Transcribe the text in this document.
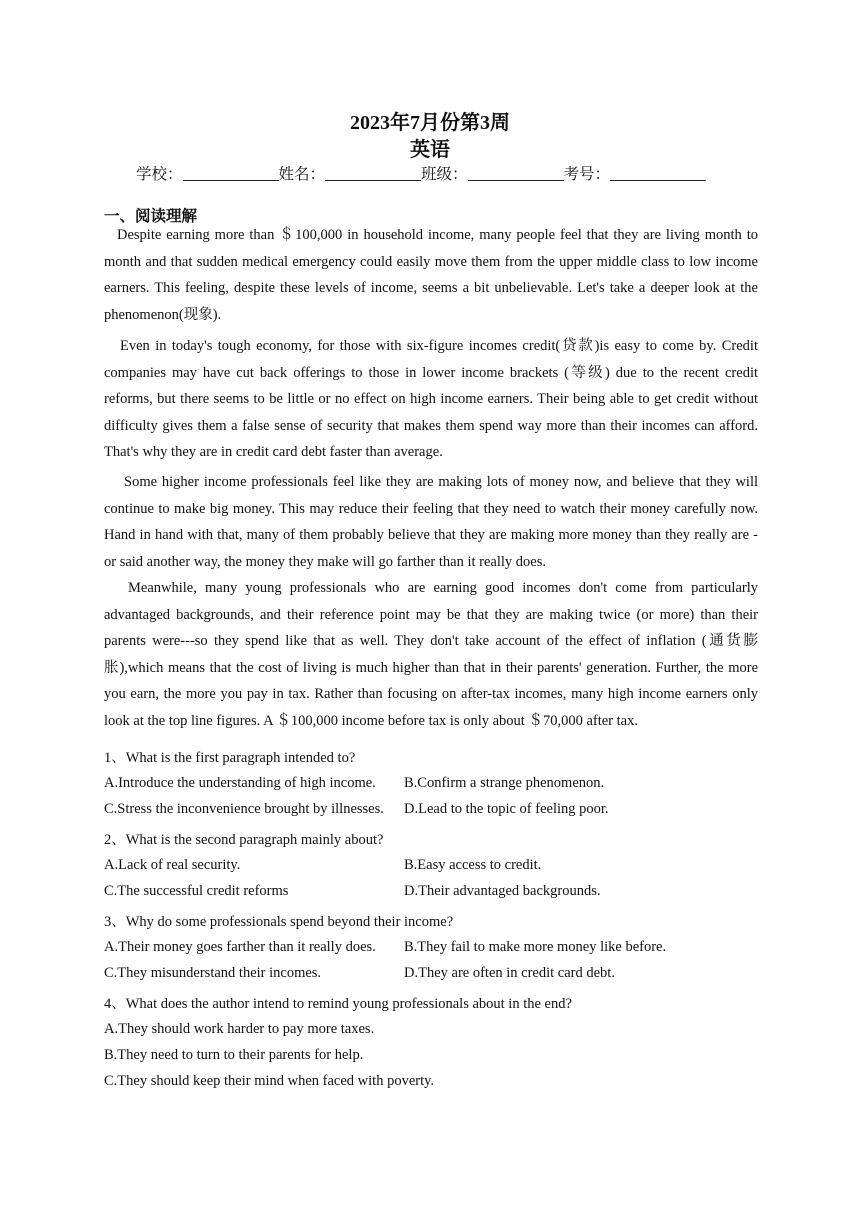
2023年7月份第3周
英语
学校：	姓名：	班级：	考号：
一、阅读理解

Despite earning more than ＄100,000 in household income, many people feel that they are living month to month and that sudden medical emergency could easily move them from the upper middle class to low income earners. This feeling, despite these levels of income, seems a bit unbelievable. Let's take a deeper look at the phenomenon(现象).

Even in today's tough economy, for those with six-figure incomes credit(贷款)is easy to come by. Credit companies may have cut back offerings to those in lower income brackets (等级) due to the recent credit reforms, but there seems to be little or no effect on high income earners. Their being able to get credit without difficulty gives them a false sense of security that makes them spend way more than their incomes can afford. That's why they are in credit card debt faster than average.

Some higher income professionals feel like they are making lots of money now, and believe that they will continue to make big money. This may reduce their feeling that they need to watch their money carefully now. Hand in hand with that, many of them probably believe that they are making more money than they really are - or said another way, the money they make will go farther than it really does.

Meanwhile, many young professionals who are earning good incomes don't come from particularly advantaged backgrounds, and their reference point may be that they are making twice (or more) than their parents were---so they spend like that as well. They don't take account of the effect of inflation (通货膨胀),which means that the cost of living is much higher than that in their parents' generation. Further, the more you earn, the more you pay in tax. Rather than focusing on after-tax incomes, many high income earners only look at the top line figures. A ＄100,000 income before tax is only about ＄70,000 after tax.

1、What is the first paragraph intended to?
A.Introduce the understanding of high income. B.Confirm a strange phenomenon.
C.Stress the inconvenience brought by illnesses. D.Lead to the topic of feeling poor.
2、What is the second paragraph mainly about?
A.Lack of real security.	B.Easy access to credit.
C.The successful credit reforms	D.Their advantaged backgrounds.
3、Why do some professionals spend beyond their income?
A.Their money goes farther than it really does. B.They fail to make more money like before.
C.They misunderstand their incomes.	D.They are often in credit card debt.
4、What does the author intend to remind young professionals about in the end?
A.They should work harder to pay more taxes.
B.They need to turn to their parents for help.
C.They should keep their mind when faced with poverty.
